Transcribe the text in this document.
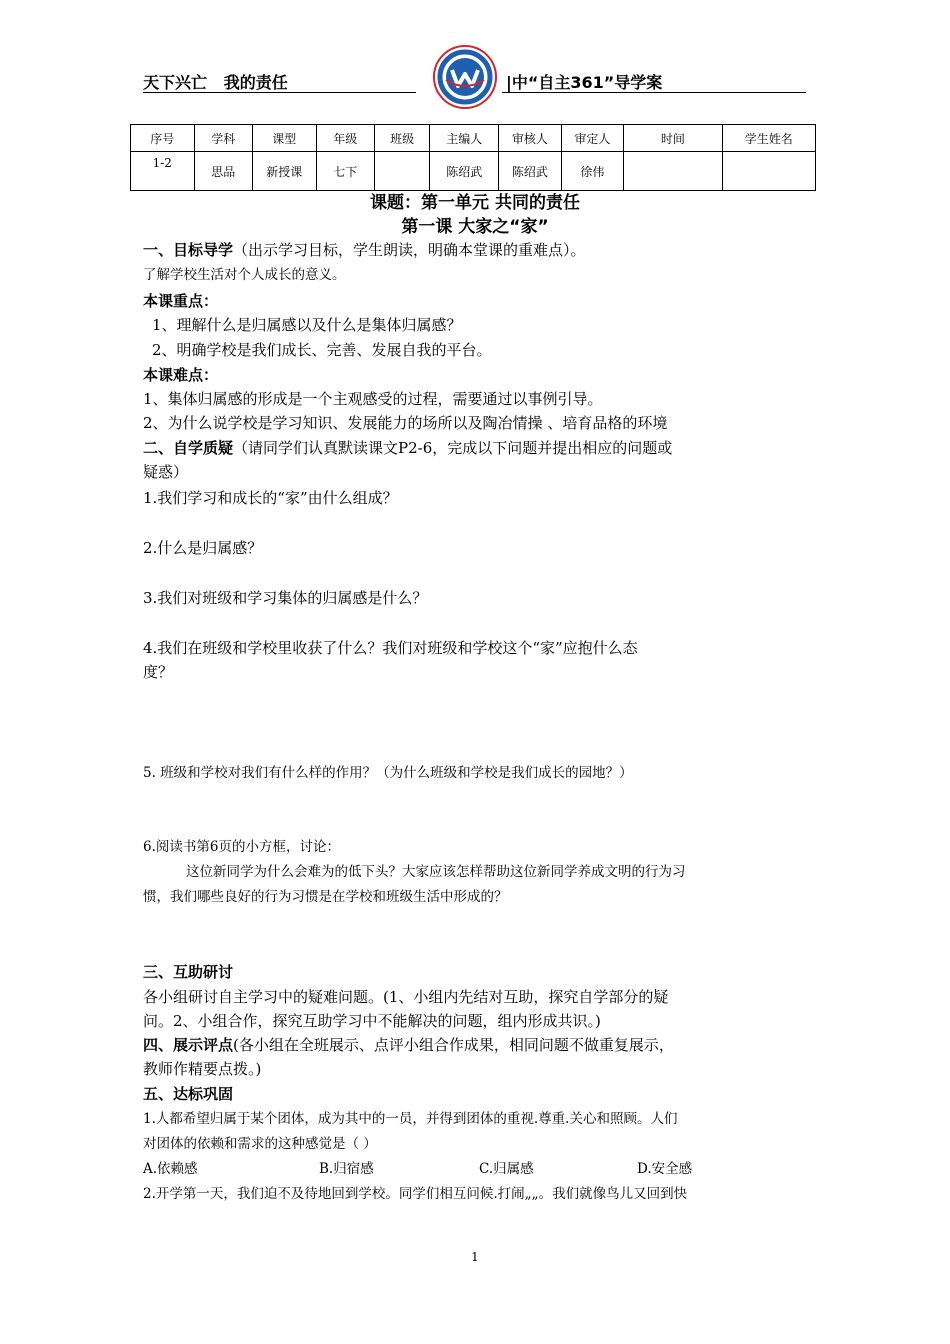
天下兴亡   我的责任	|中“自主361”导学案
序号	学科	课型	年级	班级	主编人	审核人	审定人	时间	学生姓名
1-2	思品	新授课	七下		陈绍武	陈绍武	徐伟		
课题：第一单元 共同的责任
第一课 大家之“家”
一、目标导学（出示学习目标，学生朗读，明确本堂课的重难点）。
了解学校生活对个人成长的意义。
本课重点：
1、理解什么是归属感以及什么是集体归属感？
2、明确学校是我们成长、完善、发展自我的平台。
本课难点：
1、集体归属感的形成是一个主观感受的过程，需要通过以事例引导。
2、为什么说学校是学习知识、发展能力的场所以及陶冶情操 、培育品格的环境
二、自学质疑（请同学们认真默读课文P2-6，完成以下问题并提出相应的问题或
疑惑）
1.我们学习和成长的“家”由什么组成？
2.什么是归属感？
3.我们对班级和学习集体的归属感是什么？
4.我们在班级和学校里收获了什么？我们对班级和学校这个“家”应抱什么态
度？
5. 班级和学校对我们有什么样的作用？（为什么班级和学校是我们成长的园地？）
6.阅读书第6页的小方框，讨论：
这位新同学为什么会难为的低下头？大家应该怎样帮助这位新同学养成文明的行为习
惯，我们哪些良好的行为习惯是在学校和班级生活中形成的？
三、互助研讨
各小组研讨自主学习中的疑难问题。(1、小组内先结对互助，探究自学部分的疑
问。2、小组合作，探究互助学习中不能解决的问题，组内形成共识。)
四、展示评点(各小组在全班展示、点评小组合作成果，相同问题不做重复展示，
教师作精要点拨。)
五、达标巩固
1.人都希望归属于某个团体，成为其中的一员，并得到团体的重视.尊重.关心和照顾。人们
对团体的依赖和需求的这种感觉是（ ）
A.依赖感	B.归宿感	C.归属感	D.安全感
2.开学第一天，我们迫不及待地回到学校。同学们相互问候.打闹„„。我们就像鸟儿又回到快
1
